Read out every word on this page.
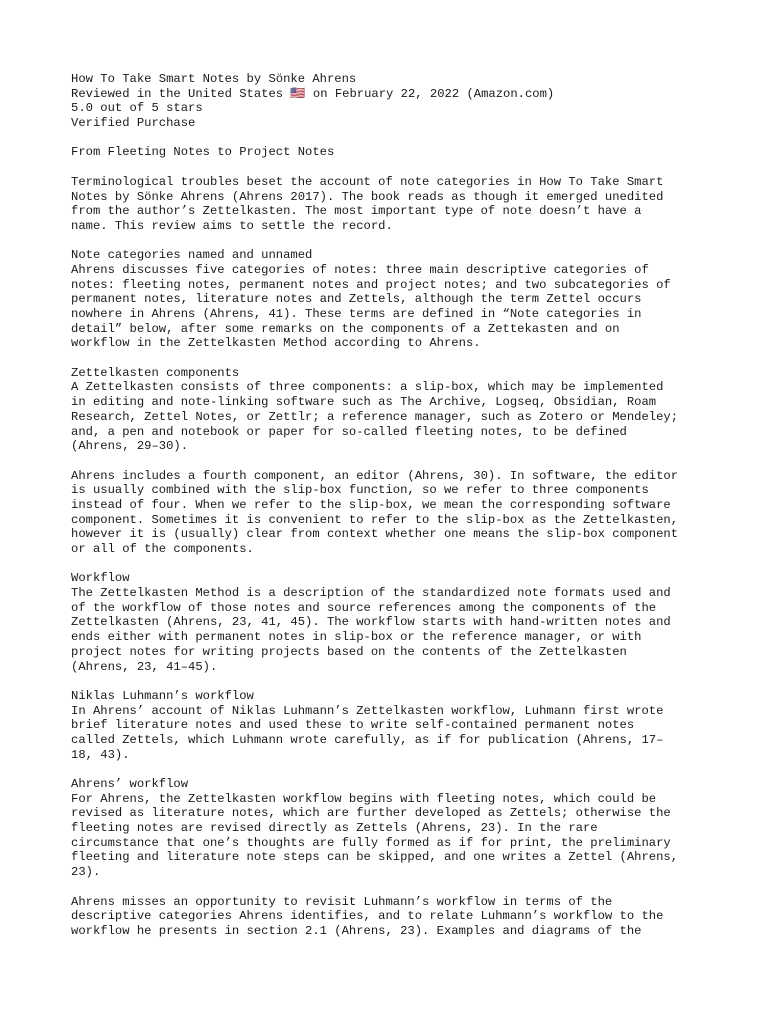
How To Take Smart Notes by Sönke Ahrens
Reviewed in the United States 🇺🇸 on February 22, 2022 (Amazon.com)
5.0 out of 5 stars
Verified Purchase
From Fleeting Notes to Project Notes
Terminological troubles beset the account of note categories in How To Take Smart
Notes by Sönke Ahrens (Ahrens 2017). The book reads as though it emerged unedited
from the author’s Zettelkasten. The most important type of note doesn’t have a
name. This review aims to settle the record.
Note categories named and unnamed
Ahrens discusses five categories of notes: three main descriptive categories of
notes: fleeting notes, permanent notes and project notes; and two subcategories of
permanent notes, literature notes and Zettels, although the term Zettel occurs
nowhere in Ahrens (Ahrens, 41). These terms are defined in “Note categories in
detail” below, after some remarks on the components of a Zettekasten and on
workflow in the Zettelkasten Method according to Ahrens.
Zettelkasten components
A Zettelkasten consists of three components: a slip-box, which may be implemented
in editing and note-linking software such as The Archive, Logseq, Obsidian, Roam
Research, Zettel Notes, or Zettlr; a reference manager, such as Zotero or Mendeley;
and, a pen and notebook or paper for so-called fleeting notes, to be defined
(Ahrens, 29–30).
Ahrens includes a fourth component, an editor (Ahrens, 30). In software, the editor
is usually combined with the slip-box function, so we refer to three components
instead of four. When we refer to the slip-box, we mean the corresponding software
component. Sometimes it is convenient to refer to the slip-box as the Zettelkasten,
however it is (usually) clear from context whether one means the slip-box component
or all of the components.
Workflow
The Zettelkasten Method is a description of the standardized note formats used and
of the workflow of those notes and source references among the components of the
Zettelkasten (Ahrens, 23, 41, 45). The workflow starts with hand-written notes and
ends either with permanent notes in slip-box or the reference manager, or with
project notes for writing projects based on the contents of the Zettelkasten
(Ahrens, 23, 41–45).
Niklas Luhmann’s workflow
In Ahrens’ account of Niklas Luhmann’s Zettelkasten workflow, Luhmann first wrote
brief literature notes and used these to write self-contained permanent notes
called Zettels, which Luhmann wrote carefully, as if for publication (Ahrens, 17–
18, 43).
Ahrens’ workflow
For Ahrens, the Zettelkasten workflow begins with fleeting notes, which could be
revised as literature notes, which are further developed as Zettels; otherwise the
fleeting notes are revised directly as Zettels (Ahrens, 23). In the rare
circumstance that one’s thoughts are fully formed as if for print, the preliminary
fleeting and literature note steps can be skipped, and one writes a Zettel (Ahrens,
23).
Ahrens misses an opportunity to revisit Luhmann’s workflow in terms of the
descriptive categories Ahrens identifies, and to relate Luhmann’s workflow to the
workflow he presents in section 2.1 (Ahrens, 23). Examples and diagrams of the
